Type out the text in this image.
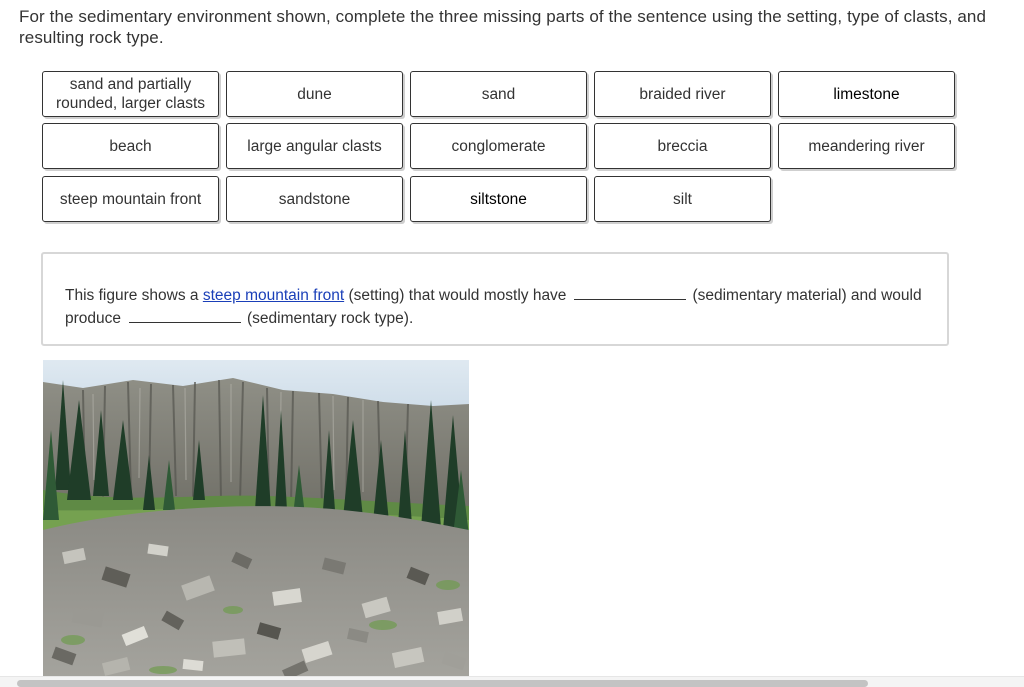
For the sedimentary environment shown, complete the three missing parts of the sentence using the setting, type of clasts, and resulting rock type.
sand and partially rounded, larger clasts
dune	sand	braided river	limestone
beach	large angular clasts	conglomerate	breccia	meandering river
steep mountain front	sandstone	siltstone	silt
This figure shows a steep mountain front (setting) that would mostly have	(sedimentary material) and would produce	(sedimentary rock type).
